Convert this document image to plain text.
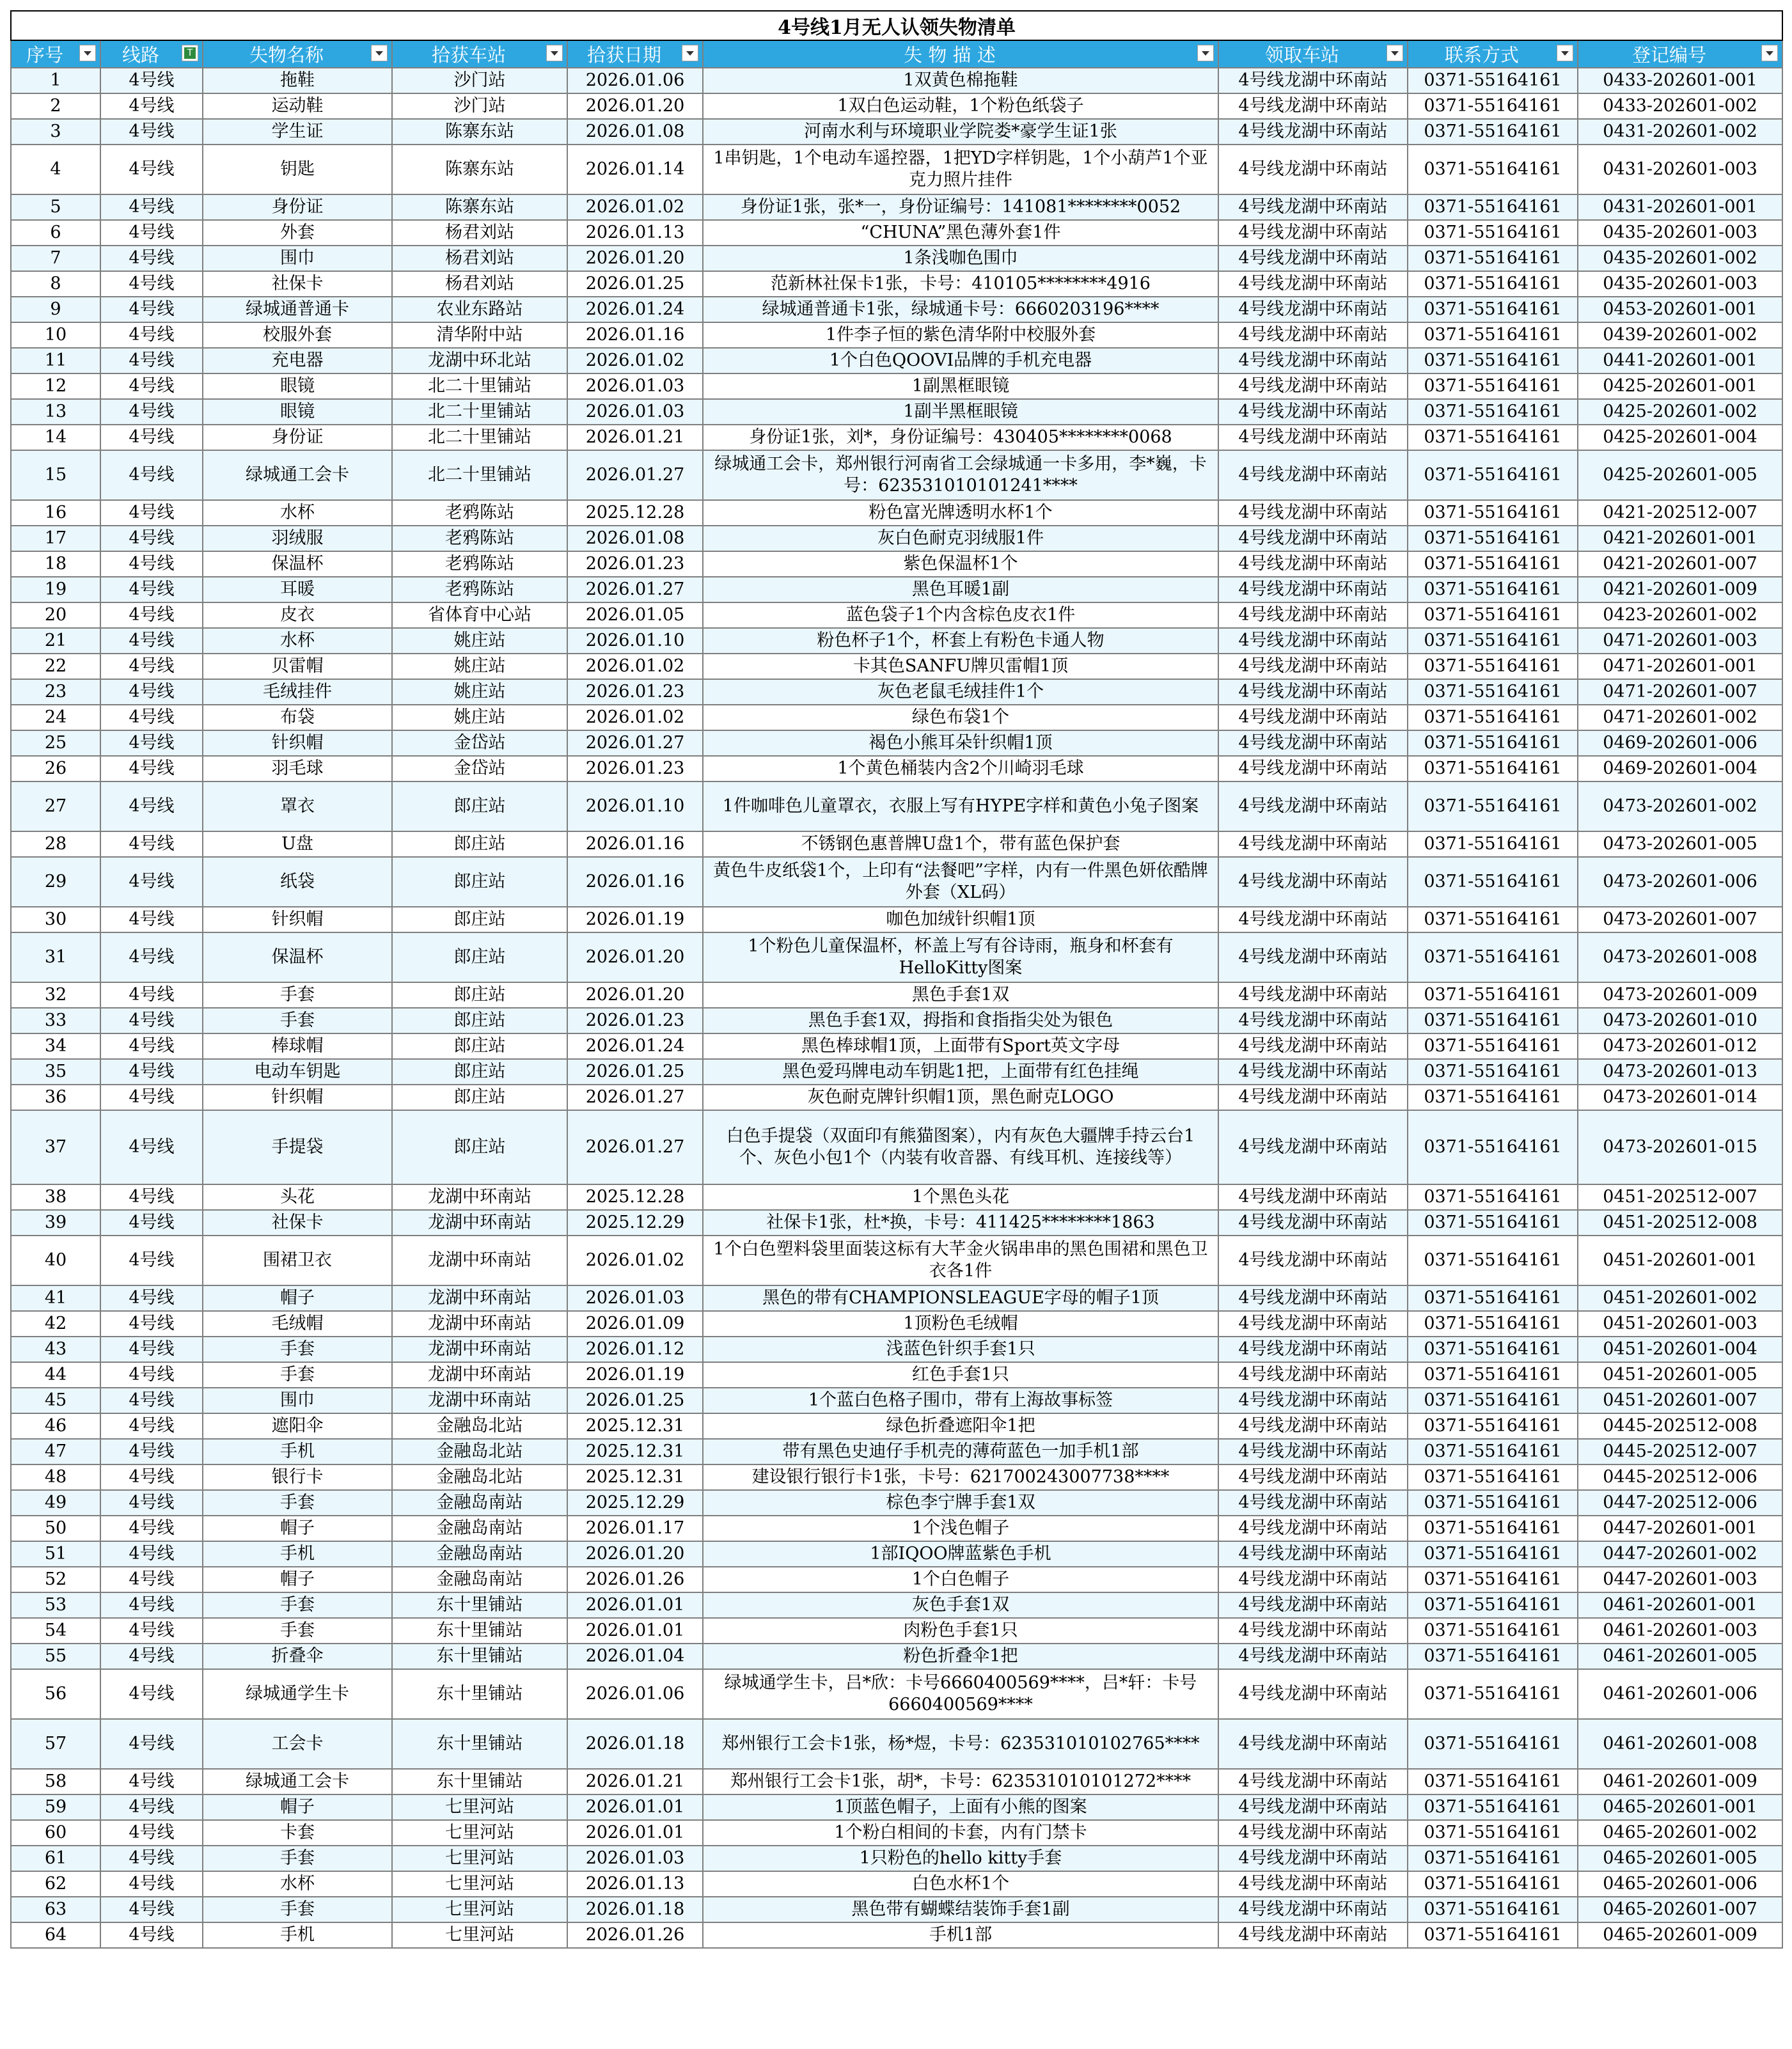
4号线1月无人认领失物清单								
序号	线路 T	失物名称	拾获车站	拾获日期	失 物 描 述	领取车站	联系方式	登记编号

1	4号线	拖鞋	沙门站	2026.01.06	1双黄色棉拖鞋	4号线龙湖中环南站	0371-55164161	0433-202601-001
2	4号线	运动鞋	沙门站	2026.01.20	1双白色运动鞋，1个粉色纸袋子	4号线龙湖中环南站	0371-55164161	0433-202601-002
3	4号线	学生证	陈寨东站	2026.01.08	河南水利与环境职业学院娄*豪学生证1张	4号线龙湖中环南站	0371-55164161	0431-202601-002
4	4号线	钥匙	陈寨东站	2026.01.14	1串钥匙，1个电动车遥控器，1把YD字样钥匙，1个小葫芦1个亚克力照片挂件	4号线龙湖中环南站	0371-55164161	0431-202601-003
5	4号线	身份证	陈寨东站	2026.01.02	身份证1张，张*一，身份证编号：141081********0052	4号线龙湖中环南站	0371-55164161	0431-202601-001
6	4号线	外套	杨君刘站	2026.01.13	“CHUNA”黑色薄外套1件	4号线龙湖中环南站	0371-55164161	0435-202601-003
7	4号线	围巾	杨君刘站	2026.01.20	1条浅咖色围巾	4号线龙湖中环南站	0371-55164161	0435-202601-002
8	4号线	社保卡	杨君刘站	2026.01.25	范新林社保卡1张，卡号：410105********4916	4号线龙湖中环南站	0371-55164161	0435-202601-003
9	4号线	绿城通普通卡	农业东路站	2026.01.24	绿城通普通卡1张，绿城通卡号：6660203196****	4号线龙湖中环南站	0371-55164161	0453-202601-001
10	4号线	校服外套	清华附中站	2026.01.16	1件李子恒的紫色清华附中校服外套	4号线龙湖中环南站	0371-55164161	0439-202601-002
11	4号线	充电器	龙湖中环北站	2026.01.02	1个白色QOOVI品牌的手机充电器	4号线龙湖中环南站	0371-55164161	0441-202601-001
12	4号线	眼镜	北二十里铺站	2026.01.03	1副黑框眼镜	4号线龙湖中环南站	0371-55164161	0425-202601-001
13	4号线	眼镜	北二十里铺站	2026.01.03	1副半黑框眼镜	4号线龙湖中环南站	0371-55164161	0425-202601-002
14	4号线	身份证	北二十里铺站	2026.01.21	身份证1张，刘*，身份证编号：430405********0068	4号线龙湖中环南站	0371-55164161	0425-202601-004
15	4号线	绿城通工会卡	北二十里铺站	2026.01.27	绿城通工会卡，郑州银行河南省工会绿城通一卡多用，李*巍，卡号：623531010101241****	4号线龙湖中环南站	0371-55164161	0425-202601-005
16	4号线	水杯	老鸦陈站	2025.12.28	粉色富光牌透明水杯1个	4号线龙湖中环南站	0371-55164161	0421-202512-007
17	4号线	羽绒服	老鸦陈站	2026.01.08	灰白色耐克羽绒服1件	4号线龙湖中环南站	0371-55164161	0421-202601-001
18	4号线	保温杯	老鸦陈站	2026.01.23	紫色保温杯1个	4号线龙湖中环南站	0371-55164161	0421-202601-007
19	4号线	耳暖	老鸦陈站	2026.01.27	黑色耳暖1副	4号线龙湖中环南站	0371-55164161	0421-202601-009
20	4号线	皮衣	省体育中心站	2026.01.05	蓝色袋子1个内含棕色皮衣1件	4号线龙湖中环南站	0371-55164161	0423-202601-002
21	4号线	水杯	姚庄站	2026.01.10	粉色杯子1个，杯套上有粉色卡通人物	4号线龙湖中环南站	0371-55164161	0471-202601-003
22	4号线	贝雷帽	姚庄站	2026.01.02	卡其色SANFU牌贝雷帽1顶	4号线龙湖中环南站	0371-55164161	0471-202601-001
23	4号线	毛绒挂件	姚庄站	2026.01.23	灰色老鼠毛绒挂件1个	4号线龙湖中环南站	0371-55164161	0471-202601-007
24	4号线	布袋	姚庄站	2026.01.02	绿色布袋1个	4号线龙湖中环南站	0371-55164161	0471-202601-002
25	4号线	针织帽	金岱站	2026.01.27	褐色小熊耳朵针织帽1顶	4号线龙湖中环南站	0371-55164161	0469-202601-006
26	4号线	羽毛球	金岱站	2026.01.23	1个黄色桶装内含2个川崎羽毛球	4号线龙湖中环南站	0371-55164161	0469-202601-004
27	4号线	罩衣	郎庄站	2026.01.10	1件咖啡色儿童罩衣，衣服上写有HYPE字样和黄色小兔子图案	4号线龙湖中环南站	0371-55164161	0473-202601-002
28	4号线	U盘	郎庄站	2026.01.16	不锈钢色惠普牌U盘1个，带有蓝色保护套	4号线龙湖中环南站	0371-55164161	0473-202601-005
29	4号线	纸袋	郎庄站	2026.01.16	黄色牛皮纸袋1个，上印有“法餐吧”字样，内有一件黑色妍依酷牌外套（XL码）	4号线龙湖中环南站	0371-55164161	0473-202601-006
30	4号线	针织帽	郎庄站	2026.01.19	咖色加绒针织帽1顶	4号线龙湖中环南站	0371-55164161	0473-202601-007
31	4号线	保温杯	郎庄站	2026.01.20	1个粉色儿童保温杯，杯盖上写有谷诗雨，瓶身和杯套有HelloKitty图案	4号线龙湖中环南站	0371-55164161	0473-202601-008
32	4号线	手套	郎庄站	2026.01.20	黑色手套1双	4号线龙湖中环南站	0371-55164161	0473-202601-009
33	4号线	手套	郎庄站	2026.01.23	黑色手套1双，拇指和食指指尖处为银色	4号线龙湖中环南站	0371-55164161	0473-202601-010
34	4号线	棒球帽	郎庄站	2026.01.24	黑色棒球帽1顶，上面带有Sport英文字母	4号线龙湖中环南站	0371-55164161	0473-202601-012
35	4号线	电动车钥匙	郎庄站	2026.01.25	黑色爱玛牌电动车钥匙1把，上面带有红色挂绳	4号线龙湖中环南站	0371-55164161	0473-202601-013
36	4号线	针织帽	郎庄站	2026.01.27	灰色耐克牌针织帽1顶，黑色耐克LOGO	4号线龙湖中环南站	0371-55164161	0473-202601-014
37	4号线	手提袋	郎庄站	2026.01.27	白色手提袋（双面印有熊猫图案），内有灰色大疆牌手持云台1个、灰色小包1个（内装有收音器、有线耳机、连接线等）	4号线龙湖中环南站	0371-55164161	0473-202601-015
38	4号线	头花	龙湖中环南站	2025.12.28	1个黑色头花	4号线龙湖中环南站	0371-55164161	0451-202512-007
39	4号线	社保卡	龙湖中环南站	2025.12.29	社保卡1张，杜*换，卡号：411425********1863	4号线龙湖中环南站	0371-55164161	0451-202512-008
40	4号线	围裙卫衣	龙湖中环南站	2026.01.02	1个白色塑料袋里面装这标有大芊金火锅串串的黑色围裙和黑色卫衣各1件	4号线龙湖中环南站	0371-55164161	0451-202601-001
41	4号线	帽子	龙湖中环南站	2026.01.03	黑色的带有CHAMPIONSLEAGUE字母的帽子1顶	4号线龙湖中环南站	0371-55164161	0451-202601-002
42	4号线	毛绒帽	龙湖中环南站	2026.01.09	1顶粉色毛绒帽	4号线龙湖中环南站	0371-55164161	0451-202601-003
43	4号线	手套	龙湖中环南站	2026.01.12	浅蓝色针织手套1只	4号线龙湖中环南站	0371-55164161	0451-202601-004
44	4号线	手套	龙湖中环南站	2026.01.19	红色手套1只	4号线龙湖中环南站	0371-55164161	0451-202601-005
45	4号线	围巾	龙湖中环南站	2026.01.25	1个蓝白色格子围巾，带有上海故事标签	4号线龙湖中环南站	0371-55164161	0451-202601-007
46	4号线	遮阳伞	金融岛北站	2025.12.31	绿色折叠遮阳伞1把	4号线龙湖中环南站	0371-55164161	0445-202512-008
47	4号线	手机	金融岛北站	2025.12.31	带有黑色史迪仔手机壳的薄荷蓝色一加手机1部	4号线龙湖中环南站	0371-55164161	0445-202512-007
48	4号线	银行卡	金融岛北站	2025.12.31	建设银行银行卡1张，卡号：621700243007738****	4号线龙湖中环南站	0371-55164161	0445-202512-006
49	4号线	手套	金融岛南站	2025.12.29	棕色李宁牌手套1双	4号线龙湖中环南站	0371-55164161	0447-202512-006
50	4号线	帽子	金融岛南站	2026.01.17	1个浅色帽子	4号线龙湖中环南站	0371-55164161	0447-202601-001
51	4号线	手机	金融岛南站	2026.01.20	1部IQOO牌蓝紫色手机	4号线龙湖中环南站	0371-55164161	0447-202601-002
52	4号线	帽子	金融岛南站	2026.01.26	1个白色帽子	4号线龙湖中环南站	0371-55164161	0447-202601-003
53	4号线	手套	东十里铺站	2026.01.01	灰色手套1双	4号线龙湖中环南站	0371-55164161	0461-202601-001
54	4号线	手套	东十里铺站	2026.01.01	肉粉色手套1只	4号线龙湖中环南站	0371-55164161	0461-202601-003
55	4号线	折叠伞	东十里铺站	2026.01.04	粉色折叠伞1把	4号线龙湖中环南站	0371-55164161	0461-202601-005
56	4号线	绿城通学生卡	东十里铺站	2026.01.06	绿城通学生卡，吕*欣：卡号6660400569****，吕*轩：卡号6660400569****	4号线龙湖中环南站	0371-55164161	0461-202601-006
57	4号线	工会卡	东十里铺站	2026.01.18	郑州银行工会卡1张，杨*煜，卡号：623531010102765****	4号线龙湖中环南站	0371-55164161	0461-202601-008
58	4号线	绿城通工会卡	东十里铺站	2026.01.21	郑州银行工会卡1张，胡*，卡号：623531010101272****	4号线龙湖中环南站	0371-55164161	0461-202601-009
59	4号线	帽子	七里河站	2026.01.01	1顶蓝色帽子，上面有小熊的图案	4号线龙湖中环南站	0371-55164161	0465-202601-001
60	4号线	卡套	七里河站	2026.01.01	1个粉白相间的卡套，内有门禁卡	4号线龙湖中环南站	0371-55164161	0465-202601-002
61	4号线	手套	七里河站	2026.01.03	1只粉色的hello kitty手套	4号线龙湖中环南站	0371-55164161	0465-202601-005
62	4号线	水杯	七里河站	2026.01.13	白色水杯1个	4号线龙湖中环南站	0371-55164161	0465-202601-006
63	4号线	手套	七里河站	2026.01.18	黑色带有蝴蝶结装饰手套1副	4号线龙湖中环南站	0371-55164161	0465-202601-007
64	4号线	手机	七里河站	2026.01.26	手机1部	4号线龙湖中环南站	0371-55164161	0465-202601-009
